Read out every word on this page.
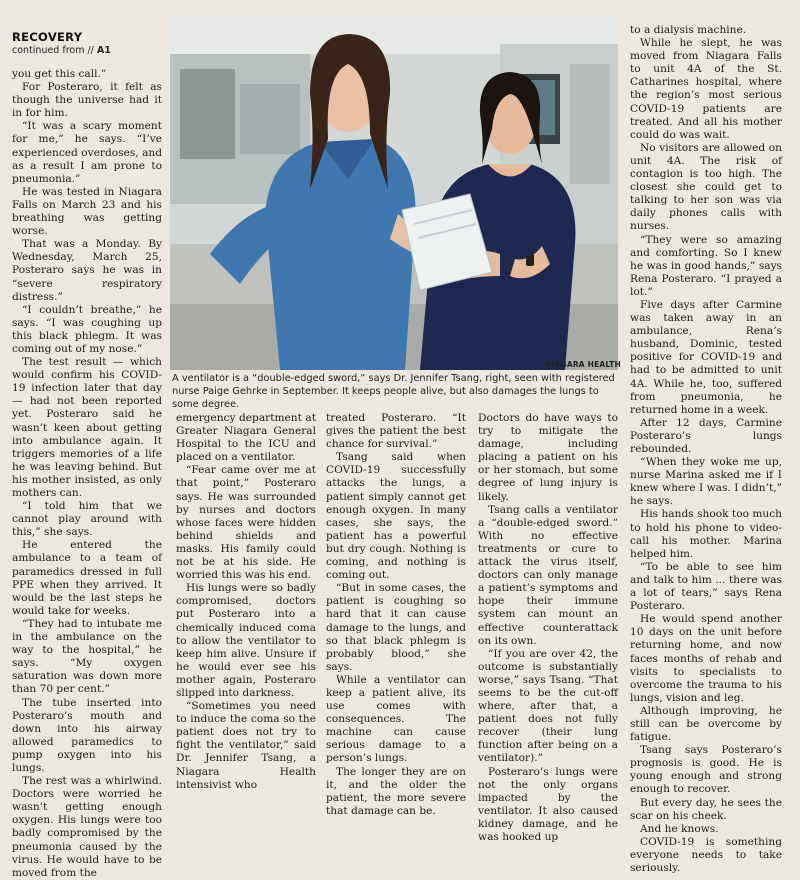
RECOVERY
continued from // A1
NIAGARA HEALTH
A ventilator is a “double-edged sword,” says Dr. Jennifer Tsang, right, seen with registered nurse Paige Gehrke in September. It keeps people alive, but also damages the lungs to some degree.

you get this call.”

For Posteraro, it felt as though the universe had it in for him.

“It was a scary moment for me,” he says. “I’ve experienced overdoses, and as a result I am prone to pneumonia.”

He was tested in Niagara Falls on March 23 and his breathing was getting worse.

That was a Monday. By Wednesday, March 25, Posteraro says he was in “severe respiratory distress.”

“I couldn’t breathe,” he says. “I was coughing up this black phlegm. It was coming out of my nose.”

The test result — which would confirm his COVID-19 infection later that day — had not been reported yet. Posteraro said he wasn’t keen about getting into ambulance again. It triggers memories of a life he was leaving behind. But his mother insisted, as only mothers can.

“I told him that we cannot play around with this,” she says.

He entered the ambulance to a team of paramedics dressed in full PPE when they arrived. It would be the last steps he would take for weeks.

“They had to intubate me in the ambulance on the way to the hospital,” he says. “My oxygen saturation was down more than 70 per cent.”

The tube inserted into Posteraro’s mouth and down into his airway allowed paramedics to pump oxygen into his lungs.

The rest was a whirlwind. Doctors were worried he wasn’t getting enough oxygen. His lungs were too badly compromised by the pneumonia caused by the virus. He would have to be moved from the

emergency department at Greater Niagara General Hospital to the ICU and placed on a ventilator.

“Fear came over me at that point,” Posteraro says. He was surrounded by nurses and doctors whose faces were hidden behind shields and masks. His family could not be at his side. He worried this was his end.

His lungs were so badly compromised, doctors put Posteraro into a chemically induced coma to allow the ventilator to keep him alive. Unsure if he would ever see his mother again, Posteraro slipped into darkness.

“Sometimes you need to induce the coma so the patient does not try to fight the ventilator,” said Dr. Jennifer Tsang, a Niagara Health intensivist who

treated Posteraro. “It gives the patient the best chance for survival.”

Tsang said when COVID-19 successfully attacks the lungs, a patient simply cannot get enough oxygen. In many cases, she says, the patient has a powerful but dry cough. Nothing is coming, and nothing is coming out.

“But in some cases, the patient is coughing so hard that it can cause damage to the lungs, and so that black phlegm is probably blood,” she says.

While a ventilator can keep a patient alive, its use comes with consequences. The machine can cause serious damage to a person’s lungs.

The longer they are on it, and the older the patient, the more severe that damage can be.

Doctors do have ways to try to mitigate the damage, including placing a patient on his or her stomach, but some degree of lung injury is likely.

Tsang calls a ventilator a “double-edged sword.” With no effective treatments or cure to attack the virus itself, doctors can only manage a patient’s symptoms and hope their immune system can mount an effective counterattack on its own.

“If you are over 42, the outcome is substantially worse,” says Tsang. “That seems to be the cut-off where, after that, a patient does not fully recover (their lung function after being on a ventilator).”

Posteraro’s lungs were not the only organs impacted by the ventilator. It also caused kidney damage, and he was hooked up

to a dialysis machine.

While he slept, he was moved from Niagara Falls to unit 4A of the St. Catharines hospital, where the region’s most serious COVID-19 patients are treated. And all his mother could do was wait.

No visitors are allowed on unit 4A. The risk of contagion is too high. The closest she could get to talking to her son was via daily phones calls with nurses.

“They were so amazing and comforting. So I knew he was in good hands,” says Rena Posteraro. “I prayed a lot.”

Five days after Carmine was taken away in an ambulance, Rena’s husband, Dominic, tested positive for COVID-19 and had to be admitted to unit 4A. While he, too, suffered from pneumonia, he returned home in a week.

After 12 days, Carmine Posteraro’s lungs rebounded.

“When they woke me up, nurse Marina asked me if I knew where I was. I didn’t,” he says.

His hands shook too much to hold his phone to video-call his mother. Marina helped him.

“To be able to see him and talk to him ... there was a lot of tears,” says Rena Posteraro.

He would spend another 10 days on the unit before returning home, and now faces months of rehab and visits to specialists to overcome the trauma to his lungs, vision and leg.

Although improving, he still can be overcome by fatigue.

Tsang says Posteraro’s prognosis is good. He is young enough and strong enough to recover.

But every day, he sees the scar on his cheek.

And he knows.

COVID-19 is something everyone needs to take seriously.
